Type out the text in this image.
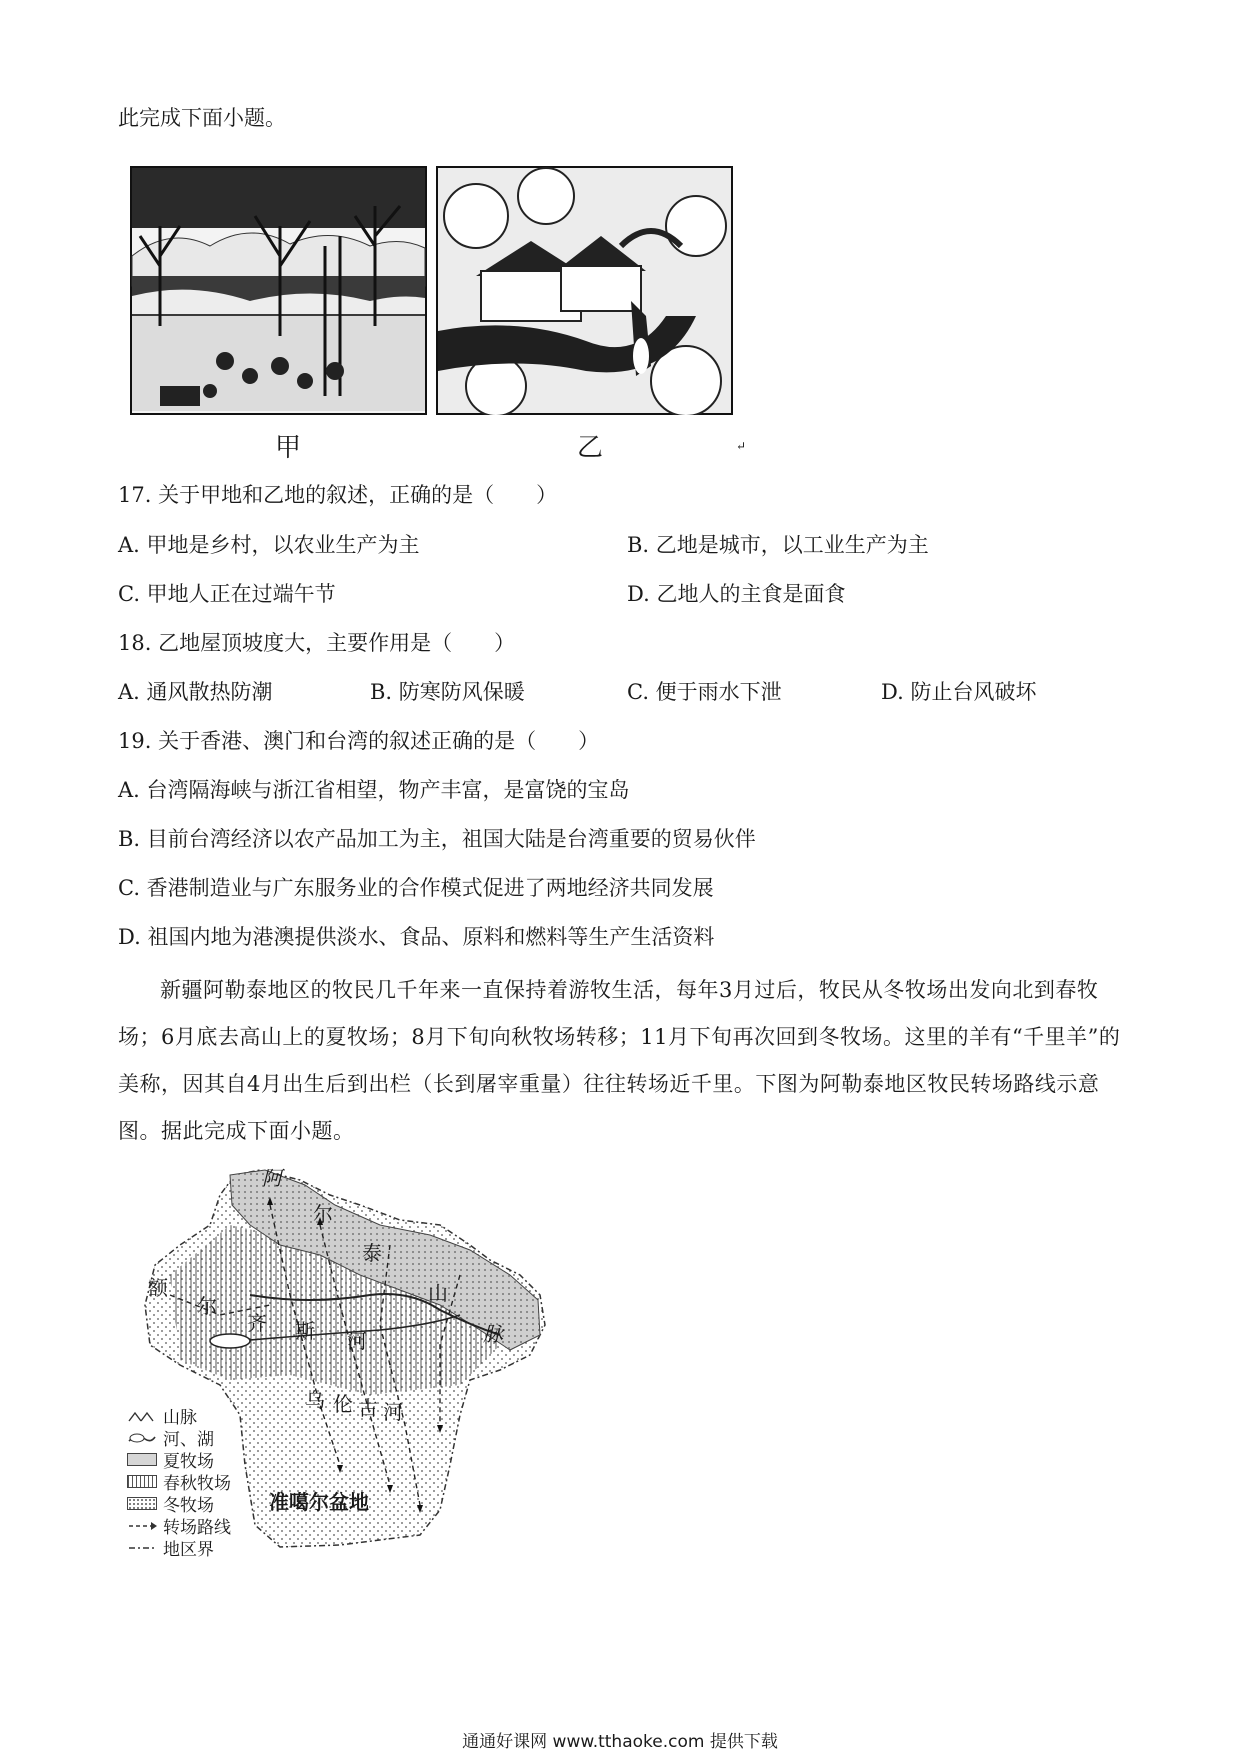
此完成下面小题。
甲	乙	↵
17. 关于甲地和乙地的叙述，正确的是（　　）
A. 甲地是乡村，以农业生产为主	B. 乙地是城市，以工业生产为主
C. 甲地人正在过端午节	D. 乙地人的主食是面食
18. 乙地屋顶坡度大，主要作用是（　　）
A. 通风散热防潮	B. 防寒防风保暖	C. 便于雨水下泄	D. 防止台风破坏
19. 关于香港、澳门和台湾的叙述正确的是（　　）
A. 台湾隔海峡与浙江省相望，物产丰富，是富饶的宝岛
B. 目前台湾经济以农产品加工为主，祖国大陆是台湾重要的贸易伙伴
C. 香港制造业与广东服务业的合作模式促进了两地经济共同发展
D. 祖国内地为港澳提供淡水、食品、原料和燃料等生产生活资料
新疆阿勒泰地区的牧民几千年来一直保持着游牧生活，每年3月过后，牧民从冬牧场出发向北到春牧场；6月底去高山上的夏牧场；8月下旬向秋牧场转移；11月下旬再次回到冬牧场。这里的羊有“千里羊”的美称，因其自4月出生后到出栏（长到屠宰重量）往往转场近千里。下图为阿勒泰地区牧民转场路线示意图。据此完成下面小题。
阿
尔
泰
山
脉
额
尔
齐 斯 河
乌 伦 古 河
准噶尔盆地
山脉
河、湖
夏牧场
春秋牧场
冬牧场
转场路线
地区界
通通好课网 www.tthaoke.com 提供下载
